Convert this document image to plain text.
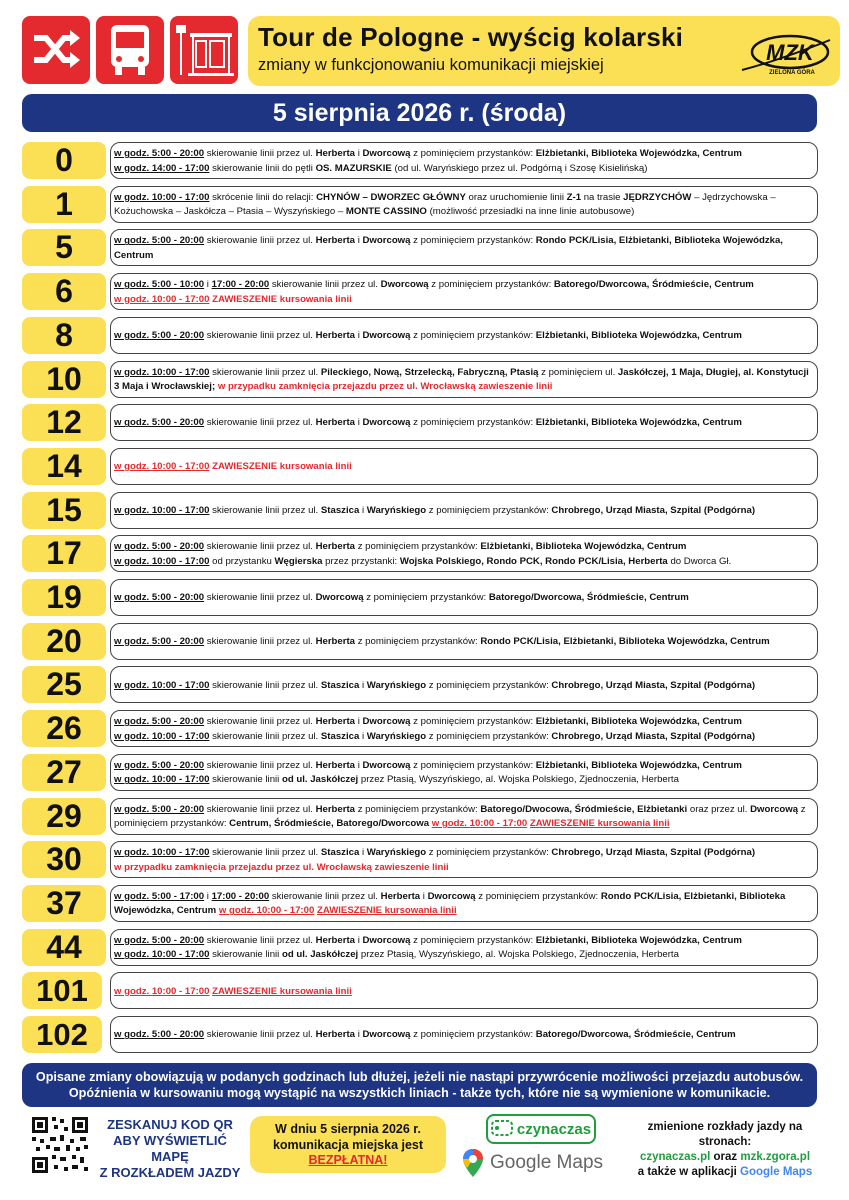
Tour de Pologne - wyścig kolarski
zmiany w funkcjonowaniu komunikacji miejskiej	MZK
ZIELONA GÓRA
5 sierpnia 2026 r. (środa)
0	w godz. 5:00 - 20:00 skierowanie linii przez ul. Herberta i Dworcową z pominięciem przystanków: Elżbietanki, Biblioteka Wojewódzka, Centrum

w godz. 14:00 - 17:00 skierowanie linii do pętli OS. MAZURSKIE (od ul. Waryńskiego przez ul. Podgórną i Szosę Kisielińską)

1	w godz. 10:00 - 17:00 skrócenie linii do relacji: CHYNÓW – DWORZEC GŁÓWNY oraz uruchomienie linii Z-1 na trasie JĘDRZYCHÓW – Jędrzychowska – Kożuchowska – Jaskółcza – Ptasia – Wyszyńskiego – MONTE CASSINO (możliwość przesiadki na inne linie autobusowe)

5	w godz. 5:00 - 20:00 skierowanie linii przez ul. Herberta i Dworcową z pominięciem przystanków: Rondo PCK/Lisia, Elżbietanki, Biblioteka Wojewódzka, Centrum

6	w godz. 5:00 - 10:00 i 17:00 - 20:00 skierowanie linii przez ul. Dworcową z pominięciem przystanków: Batorego/Dworcowa, Śródmieście, Centrum

w godz. 10:00 - 17:00 ZAWIESZENIE kursowania linii

8	w godz. 5:00 - 20:00 skierowanie linii przez ul. Herberta i Dworcową z pominięciem przystanków: Elżbietanki, Biblioteka Wojewódzka, Centrum

10	w godz. 10:00 - 17:00 skierowanie linii przez ul. Pileckiego, Nową, Strzelecką, Fabryczną, Ptasią z pominięciem ul. Jaskółczej, 1 Maja, Długiej, al. Konstytucji 3 Maja i Wrocławskiej; w przypadku zamknięcia przejazdu przez ul. Wrocławską zawieszenie linii

12	w godz. 5:00 - 20:00 skierowanie linii przez ul. Herberta i Dworcową z pominięciem przystanków: Elżbietanki, Biblioteka Wojewódzka, Centrum

14	w godz. 10:00 - 17:00 ZAWIESZENIE kursowania linii

15	w godz. 10:00 - 17:00 skierowanie linii przez ul. Staszica i Waryńskiego z pominięciem przystanków: Chrobrego, Urząd Miasta, Szpital (Podgórna)

17	w godz. 5:00 - 20:00 skierowanie linii przez ul. Herberta z pominięciem przystanków: Elżbietanki, Biblioteka Wojewódzka, Centrum

w godz. 10:00 - 17:00 od przystanku Węgierska przez przystanki: Wojska Polskiego, Rondo PCK, Rondo PCK/Lisia, Herberta do Dworca Gł.

19	w godz. 5:00 - 20:00 skierowanie linii przez ul. Dworcową z pominięciem przystanków: Batorego/Dworcowa, Śródmieście, Centrum

20	w godz. 5:00 - 20:00 skierowanie linii przez ul. Herberta z pominięciem przystanków: Rondo PCK/Lisia, Elżbietanki, Biblioteka Wojewódzka, Centrum

25	w godz. 10:00 - 17:00 skierowanie linii przez ul. Staszica i Waryńskiego z pominięciem przystanków: Chrobrego, Urząd Miasta, Szpital (Podgórna)

26	w godz. 5:00 - 20:00 skierowanie linii przez ul. Herberta i Dworcową z pominięciem przystanków: Elżbietanki, Biblioteka Wojewódzka, Centrum

w godz. 10:00 - 17:00 skierowanie linii przez ul. Staszica i Waryńskiego z pominięciem przystanków: Chrobrego, Urząd Miasta, Szpital (Podgórna)

27	w godz. 5:00 - 20:00 skierowanie linii przez ul. Herberta i Dworcową z pominięciem przystanków: Elżbietanki, Biblioteka Wojewódzka, Centrum

w godz. 10:00 - 17:00 skierowanie linii od ul. Jaskółczej przez Ptasią, Wyszyńskiego, al. Wojska Polskiego, Zjednoczenia, Herberta

29	w godz. 5:00 - 20:00 skierowanie linii przez ul. Herberta z pominięciem przystanków: Batorego/Dwocowa, Śródmieście, Elżbietanki oraz przez ul. Dworcową z pominięciem przystanków: Centrum, Śródmieście, Batorego/Dworcowa w godz. 10:00 - 17:00 ZAWIESZENIE kursowania linii

30	w godz. 10:00 - 17:00 skierowanie linii przez ul. Staszica i Waryńskiego z pominięciem przystanków: Chrobrego, Urząd Miasta, Szpital (Podgórna)

w przypadku zamknięcia przejazdu przez ul. Wrocławską zawieszenie linii

37	w godz. 5:00 - 17:00 i 17:00 - 20:00 skierowanie linii przez ul. Herberta i Dworcową z pominięciem przystanków: Rondo PCK/Lisia, Elżbietanki, Biblioteka Wojewódzka, Centrum w godz. 10:00 - 17:00 ZAWIESZENIE kursowania linii

44	w godz. 5:00 - 20:00 skierowanie linii przez ul. Herberta i Dworcową z pominięciem przystanków: Elżbietanki, Biblioteka Wojewódzka, Centrum

w godz. 10:00 - 17:00 skierowanie linii od ul. Jaskółczej przez Ptasią, Wyszyńskiego, al. Wojska Polskiego, Zjednoczenia, Herberta

101	w godz. 10:00 - 17:00 ZAWIESZENIE kursowania linii

102	w godz. 5:00 - 20:00 skierowanie linii przez ul. Herberta i Dworcową z pominięciem przystanków: Batorego/Dworcowa, Śródmieście, Centrum

Opisane zmiany obowiązują w podanych godzinach lub dłużej, jeżeli nie nastąpi przywrócenie możliwości przejazdu autobusów.
Opóźnienia w kursowaniu mogą wystąpić na wszystkich liniach - także tych, które nie są wymienione w komunikacie.
ZESKANUJ KOD QR
ABY WYŚWIETLIĆ MAPĘ
Z ROZKŁADEM JAZDY
W dniu 5 sierpnia 2026 r.
komunikacja miejska jest
BEZPŁATNA!
czynaczas
Google Maps
zmienione rozkłady jazdy na stronach:
czynaczas.pl oraz mzk.zgora.pl
a także w aplikacji Google Maps
